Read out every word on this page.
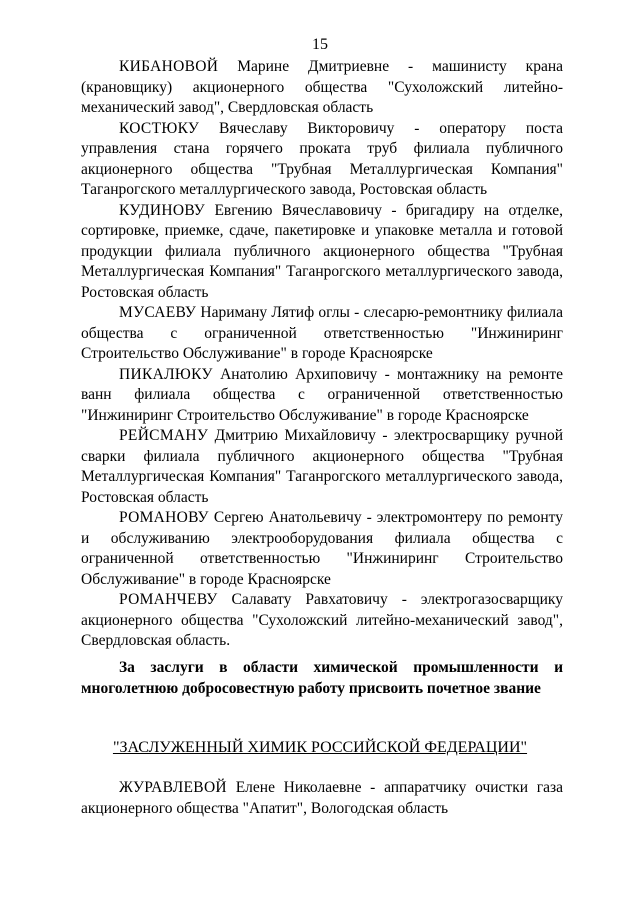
15

КИБАНОВОЙ Марине Дмитриевне - машинисту крана (крановщику) акционерного общества "Сухоложский литейно-механический завод", Свердловская область

КОСТЮКУ Вячеславу Викторовичу - оператору поста управления стана горячего проката труб филиала публичного акционерного общества "Трубная Металлургическая Компания" Таганрогского металлургического завода, Ростовская область

КУДИНОВУ Евгению Вячеславовичу - бригадиру на отделке, сортировке, приемке, сдаче, пакетировке и упаковке металла и готовой продукции филиала публичного акционерного общества "Трубная Металлургическая Компания" Таганрогского металлургического завода, Ростовская область

МУСАЕВУ Нариману Лятиф оглы - слесарю-ремонтнику филиала общества с ограниченной ответственностью "Инжиниринг Строительство Обслуживание" в городе Красноярске

ПИКАЛЮКУ Анатолию Архиповичу - монтажнику на ремонте ванн филиала общества с ограниченной ответственностью "Инжиниринг Строительство Обслуживание" в городе Красноярске

РЕЙСМАНУ Дмитрию Михайловичу - электросварщику ручной сварки филиала публичного акционерного общества "Трубная Металлургическая Компания" Таганрогского металлургического завода, Ростовская область

РОМАНОВУ Сергею Анатольевичу - электромонтеру по ремонту и обслуживанию электрооборудования филиала общества с ограниченной ответственностью "Инжиниринг Строительство Обслуживание" в городе Красноярске

РОМАНЧЕВУ Салавату Равхатовичу - электрогазосварщику акционерного общества "Сухоложский литейно-механический завод", Свердловская область.

За заслуги в области химической промышленности и многолетнюю добросовестную работу присвоить почетное звание

"ЗАСЛУЖЕННЫЙ ХИМИК РОССИЙСКОЙ ФЕДЕРАЦИИ"

ЖУРАВЛЕВОЙ Елене Николаевне - аппаратчику очистки газа акционерного общества "Апатит", Вологодская область
